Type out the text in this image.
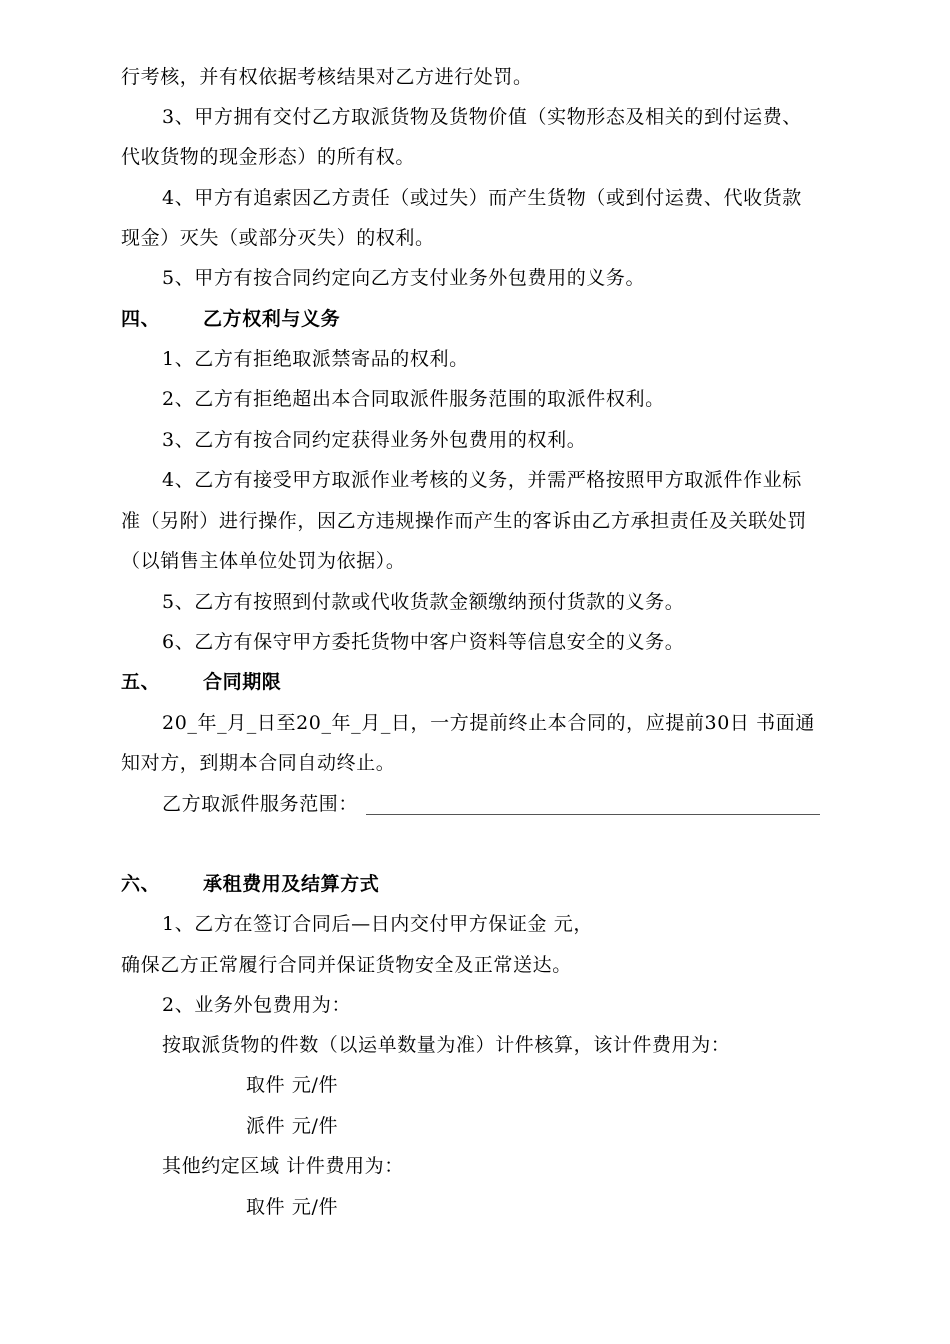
行考核，并有权依据考核结果对乙方进行处罚。
3、甲方拥有交付乙方取派货物及货物价值（实物形态及相关的到付运费、
代收货物的现金形态）的所有权。
4、甲方有追索因乙方责任（或过失）而产生货物（或到付运费、代收货款
现金）灭失（或部分灭失）的权利。
5、甲方有按合同约定向乙方支付业务外包费用的义务。
四、 乙方权利与义务
1、乙方有拒绝取派禁寄品的权利。
2、乙方有拒绝超出本合同取派件服务范围的取派件权利。
3、乙方有按合同约定获得业务外包费用的权利。
4、乙方有接受甲方取派作业考核的义务，并需严格按照甲方取派件作业标
准（另附）进行操作，因乙方违规操作而产生的客诉由乙方承担责任及关联处罚
（以销售主体单位处罚为依据）。
5、乙方有按照到付款或代收货款金额缴纳预付货款的义务。
6、乙方有保守甲方委托货物中客户资料等信息安全的义务。
五、 合同期限
20_年_月_日至20_年_月_日，一方提前终止本合同的，应提前30日 书面通
知对方，到期本合同自动终止。
乙方取派件服务范围：
六、 承租费用及结算方式
1、乙方在签订合同后—日内交付甲方保证金 元，
确保乙方正常履行合同并保证货物安全及正常送达。
2、业务外包费用为：
按取派货物的件数（以运单数量为准）计件核算，该计件费用为：
取件 元/件
派件 元/件
其他约定区域 计件费用为：
取件 元/件
